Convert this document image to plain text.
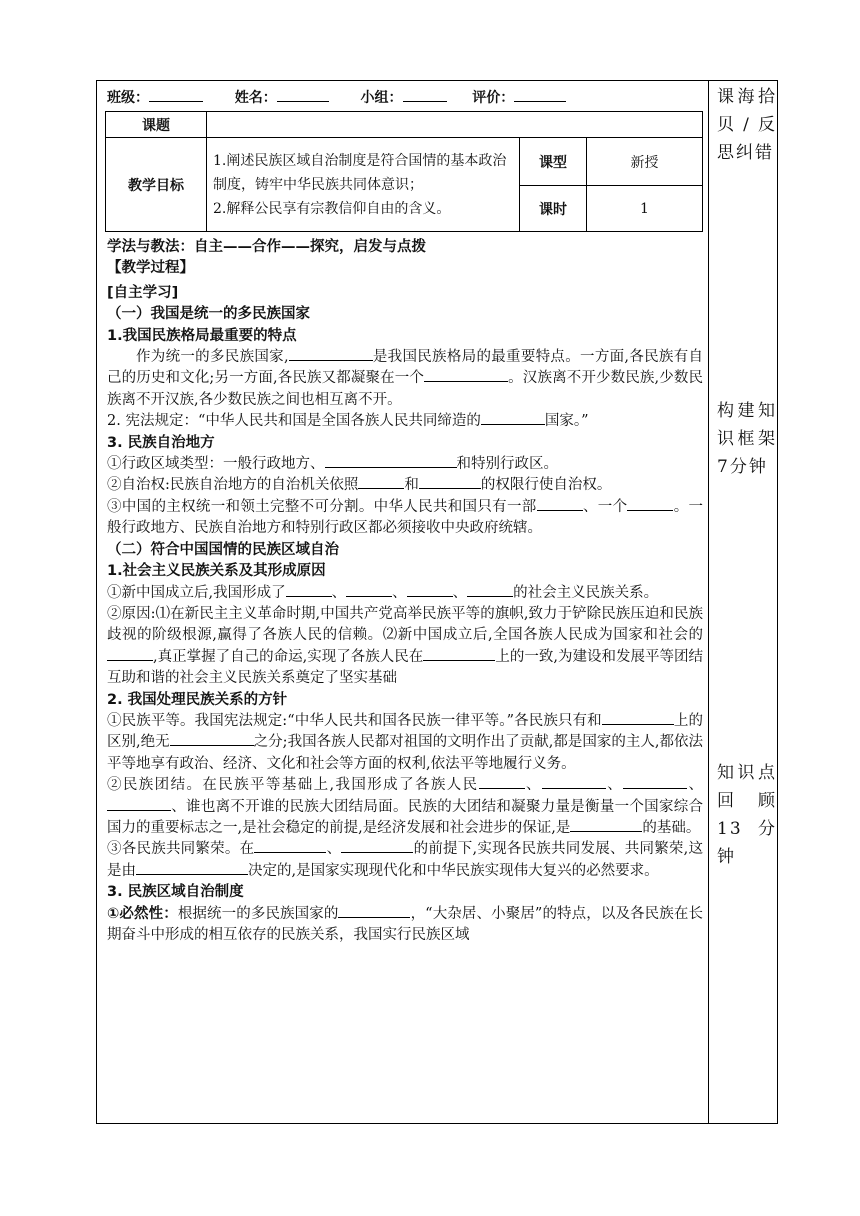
班级：	姓名：	小组：	评价：
课题			
教学目标	1.阐述民族区域自治制度是符合国情的基本政治制度，铸牢中华民族共同体意识；
2.解释公民享有宗教信仰自由的含义。	课型	新授
		课时	1

学法与教法：自主——合作——探究，启发与点拨

【教学过程】

[自主学习]

（一）我国是统一的多民族国家

1.我国民族格局最重要的特点

作为统一的多民族国家,	是我国民族格局的最重要特点。一方面,各民族有自己的历史和文化;另一方面,各民族又都凝聚在一个	。汉族离不开少数民族,少数民族离不开汉族,各少数民族之间也相互离不开。

2. 宪法规定：“中华人民共和国是全国各族人民共同缔造的	国家。”

3. 民族自治地方

①行政区域类型：一般行政地方、	和特别行政区。

②自治权:民族自治地方的自治机关依照	和	的权限行使自治权。

③中国的主权统一和领土完整不可分割。中华人民共和国只有一部	、一个	。一般行政地方、民族自治地方和特别行政区都必须接收中央政府统辖。

（二）符合中国国情的民族区域自治

1.社会主义民族关系及其形成原因

①新中国成立后,我国形成了	、	、	、	的社会主义民族关系。

②原因:⑴在新民主主义革命时期,中国共产党高举民族平等的旗帜,致力于铲除民族压迫和民族歧视的阶级根源,赢得了各族人民的信赖。⑵新中国成立后,全国各族人民成为国家和社会的,真正掌握了自己的命运,实现了各族人民在	上的一致,为建设和发展平等团结互助和谐的社会主义民族关系奠定了坚实基础

2. 我国处理民族关系的方针

①民族平等。我国宪法规定:“中华人民共和国各民族一律平等。”各民族只有和	上的区别,绝无	之分;我国各族人民都对祖国的文明作出了贡献,都是国家的主人,都依法平等地享有政治、经济、文化和社会等方面的权利,依法平等地履行义务。

②民族团结。在民族平等基础上,我国形成了各族人民	、	、	、、谁也离不开谁的民族大团结局面。民族的大团结和凝聚力量是衡量一个国家综合国力的重要标志之一,是社会稳定的前提,是经济发展和社会进步的保证,是	的基础。

③各民族共同繁荣。在	、	的前提下,实现各民族共同发展、共同繁荣,这是由	决定的,是国家实现现代化和中华民族实现伟大复兴的必然要求。

3. 民族区域自治制度

①必然性：根据统一的多民族国家的	，“大杂居、小聚居”的特点，以及各民族在长期奋斗中形成的相互依存的民族关系，我国实行民族区域

课海拾贝/反思纠错
构建知识框架7分钟
知识点回顾13分钟
